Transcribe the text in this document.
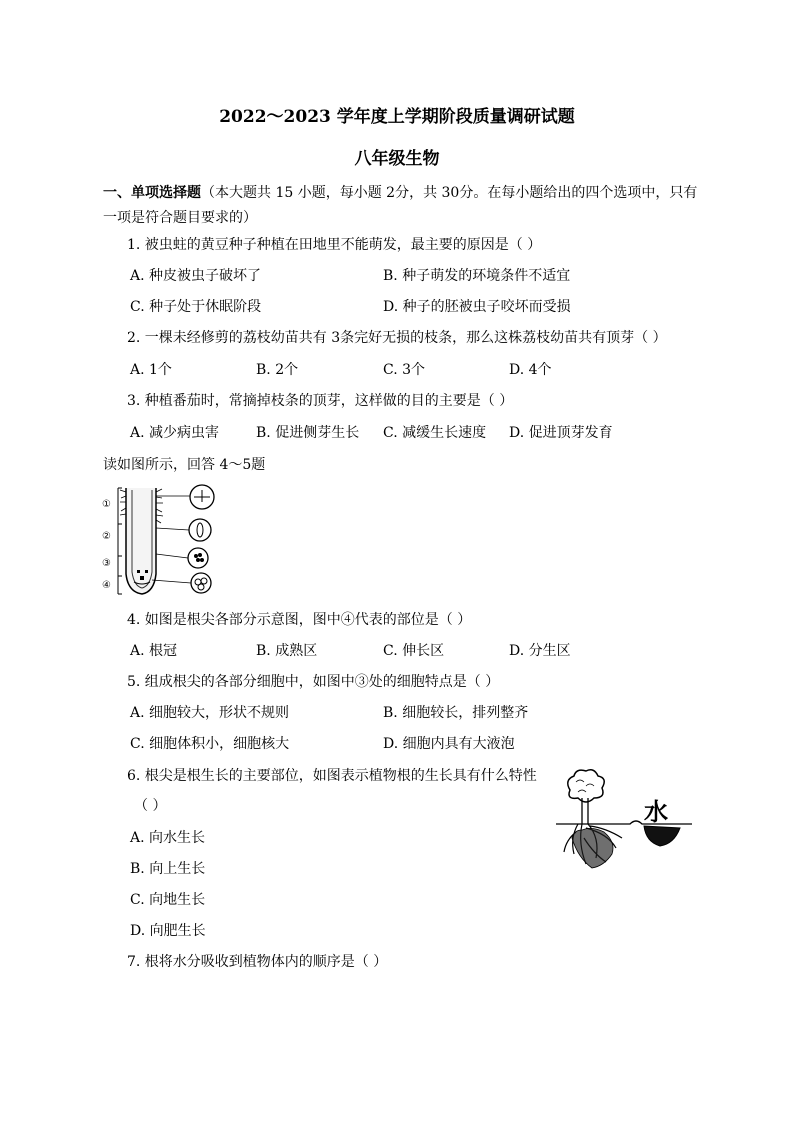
2022～2023 学年度上学期阶段质量调研试题
八年级生物
一、单项选择题（本大题共 15 小题，每小题 2分，共 30分。在每小题给出的四个选项中，只有
一项是符合题目要求的）
1. 被虫蛀的黄豆种子种植在田地里不能萌发，最主要的原因是（ ）
A. 种皮被虫子破坏了	B. 种子萌发的环境条件不适宜
C. 种子处于休眠阶段	D. 种子的胚被虫子咬坏而受损
2. 一棵未经修剪的荔枝幼苗共有 3条完好无损的枝条，那么这株荔枝幼苗共有顶芽（ ）
A. 1个	B. 2个	C. 3个	D. 4个
3. 种植番茄时，常摘掉枝条的顶芽，这样做的目的主要是（ ）
A. 减少病虫害	B. 促进侧芽生长 C. 减缓生长速度 D. 促进顶芽发育
读如图所示，回答 4～5题
①
②
③
④
4. 如图是根尖各部分示意图，图中④代表的部位是（ ）
A. 根冠	B. 成熟区	C. 伸长区	D. 分生区
5. 组成根尖的各部分细胞中，如图中③处的细胞特点是（ ）
A. 细胞较大，形状不规则	B. 细胞较长，排列整齐
C. 细胞体积小，细胞核大	D. 细胞内具有大液泡
6. 根尖是根生长的主要部位，如图表示植物根的生长具有什么特性
（ ）
A. 向水生长
B. 向上生长
C. 向地生长
D. 向肥生长
水
7. 根将水分吸收到植物体内的顺序是（ ）
